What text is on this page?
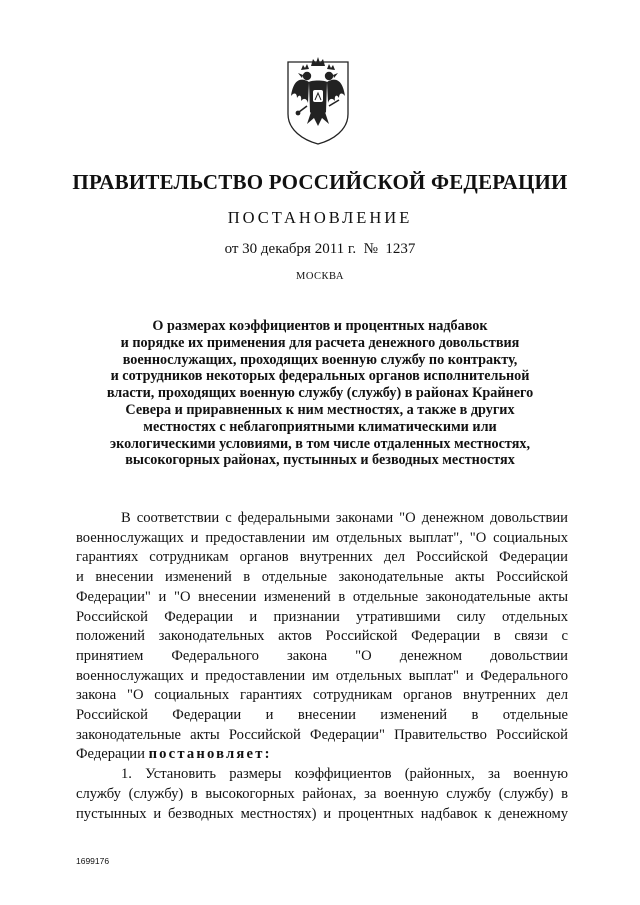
ПРАВИТЕЛЬСТВО РОССИЙСКОЙ ФЕДЕРАЦИИ
ПОСТАНОВЛЕНИЕ
от 30 декабря 2011 г.  №  1237
МОСКВА
О размерах коэффициентов и процентных надбавок
и порядке их применения для расчета денежного довольствия
военнослужащих, проходящих военную службу по контракту,
и сотрудников некоторых федеральных органов исполнительной
власти, проходящих военную службу (службу) в районах Крайнего
Севера и приравненных к ним местностях, а также в других
местностях с неблагоприятными климатическими или
экологическими условиями, в том числе отдаленных местностях,
высокогорных районах, пустынных и безводных местностях
В соответствии с федеральными законами "О денежном довольствии
военнослужащих и предоставлении им отдельных выплат", "О социальных
гарантиях сотрудникам органов внутренних дел Российской Федерации
и внесении изменений в отдельные законодательные акты Российской
Федерации" и "О внесении изменений в отдельные законодательные акты
Российской Федерации и признании утратившими силу отдельных
положений законодательных актов Российской Федерации в связи с
принятием Федерального закона "О денежном довольствии
военнослужащих и предоставлении им отдельных выплат" и Федерального
закона "О социальных гарантиях сотрудникам органов внутренних дел
Российской Федерации и внесении изменений в отдельные
законодательные акты Российской Федерации" Правительство Российской
Федерации постановляет:
1. Установить размеры коэффициентов (районных, за военную
службу (службу) в высокогорных районах, за военную службу (службу) в
пустынных и безводных местностях) и процентных надбавок к денежному
1699176
